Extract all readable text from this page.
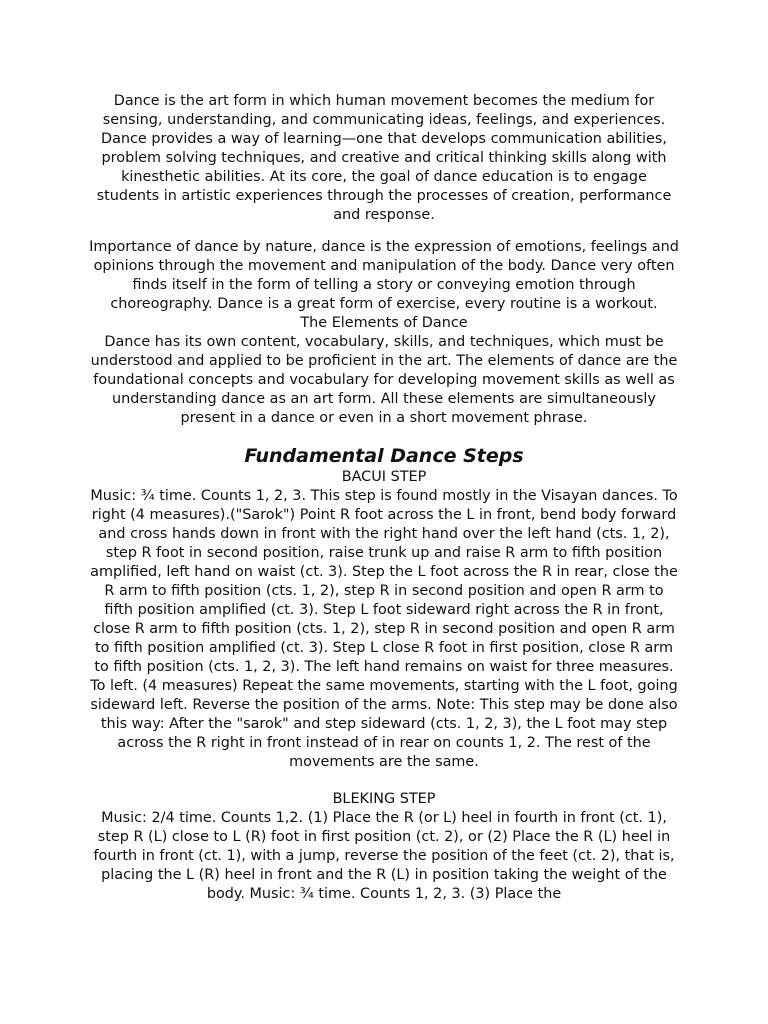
Dance is the art form in which human movement becomes the medium for sensing, understanding, and communicating ideas, feelings, and experiences. Dance provides a way of learning—one that develops communication abilities, problem solving techniques, and creative and critical thinking skills along with kinesthetic abilities. At its core, the goal of dance education is to engage students in artistic experiences through the processes of creation, performance and response.

Importance of dance by nature, dance is the expression of emotions, feelings and opinions through the movement and manipulation of the body. Dance very often finds itself in the form of telling a story or conveying emotion through choreography. Dance is a great form of exercise, every routine is a workout.

The Elements of Dance

Dance has its own content, vocabulary, skills, and techniques, which must be understood and applied to be proficient in the art. The elements of dance are the foundational concepts and vocabulary for developing movement skills as well as understanding dance as an art form. All these elements are simultaneously present in a dance or even in a short movement phrase.

Fundamental Dance Steps

BACUI STEP

Music: ¾ time. Counts 1, 2, 3. This step is found mostly in the Visayan dances. To right (4 measures).("Sarok") Point R foot across the L in front, bend body forward and cross hands down in front with the right hand over the left hand (cts. 1, 2), step R foot in second position, raise trunk up and raise R arm to fifth position amplified, left hand on waist (ct. 3). Step the L foot across the R in rear, close the R arm to fifth position (cts. 1, 2), step R in second position and open R arm to fifth position amplified (ct. 3). Step L foot sideward right across the R in front, close R arm to fifth position (cts. 1, 2), step R in second position and open R arm to fifth position amplified (ct. 3). Step L close R foot in first position, close R arm to fifth position (cts. 1, 2, 3). The left hand remains on waist for three measures. To left. (4 measures) Repeat the same movements, starting with the L foot, going sideward left. Reverse the position of the arms. Note: This step may be done also this way: After the "sarok" and step sideward (cts. 1, 2, 3), the L foot may step across the R right in front instead of in rear on counts 1, 2. The rest of the movements are the same.

BLEKING STEP

Music: 2/4 time. Counts 1,2. (1) Place the R (or L) heel in fourth in front (ct. 1), step R (L) close to L (R) foot in first position (ct. 2), or (2) Place the R (L) heel in fourth in front (ct. 1), with a jump, reverse the position of the feet (ct. 2), that is, placing the L (R) heel in front and the R (L) in position taking the weight of the body. Music: ¾ time. Counts 1, 2, 3. (3) Place the
